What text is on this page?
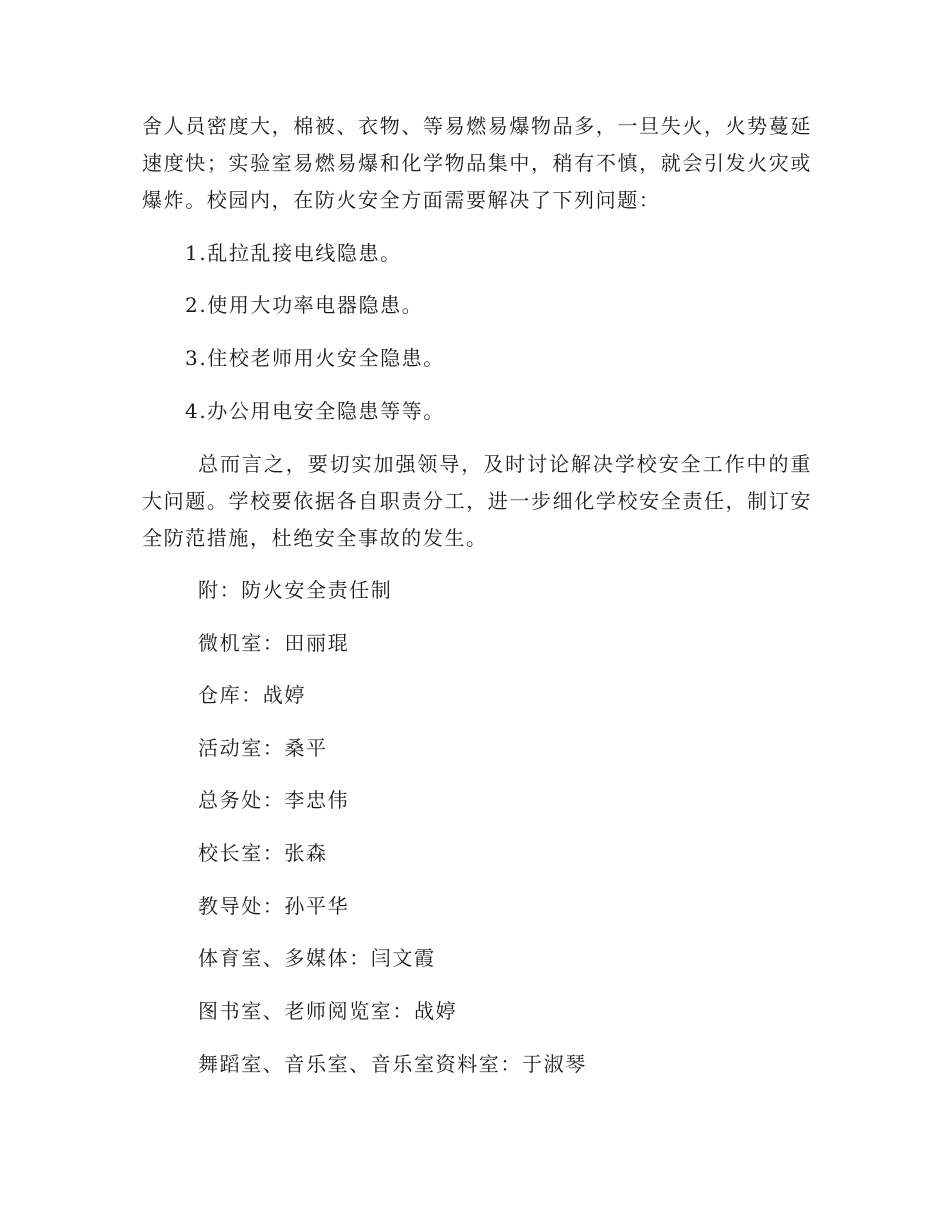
舍人员密度大，棉被、衣物、等易燃易爆物品多，一旦失火，火势蔓延速度快；实验室易燃易爆和化学物品集中，稍有不慎，就会引发火灾或爆炸。校园内，在防火安全方面需要解决了下列问题：

1.乱拉乱接电线隐患。

2.使用大功率电器隐患。

3.住校老师用火安全隐患。

4.办公用电安全隐患等等。

总而言之，要切实加强领导，及时讨论解决学校安全工作中的重大问题。学校要依据各自职责分工，进一步细化学校安全责任，制订安全防范措施，杜绝安全事故的发生。

附：防火安全责任制

微机室：田丽琨

仓库：战婷

活动室：桑平

总务处：李忠伟

校长室：张森

教导处：孙平华

体育室、多媒体：闫文霞

图书室、老师阅览室：战婷

舞蹈室、音乐室、音乐室资料室：于淑琴
